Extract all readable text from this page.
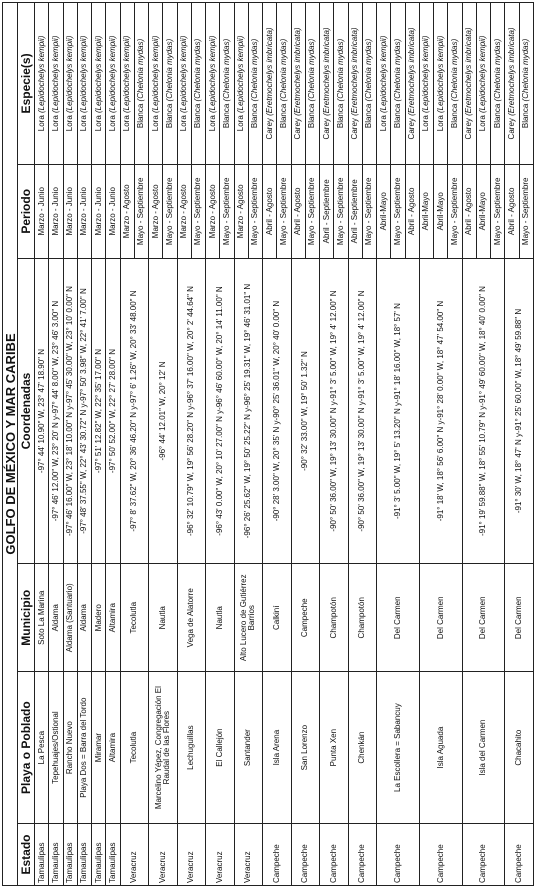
GOLFO DE MÉXICO Y MAR CARIBE					
Estado	Playa o Poblado	Municipio	Coordenadas	Periodo	Especie(s)
Tamaulipas	La Pesca	Soto La Marina	-97° 44' 10.90" W, 23° 47' 18.90" N	Marzo - Junio	Lora (Lepidochelys kempii)
Tamaulipas	Tepehuajes/Ostional	Aldama	-97° 46' 12.00" W, 23° 20' N y-97° 44' 8.00" W, 23° 46' 3.00" N	Marzo - Junio	Lora (Lepidochelys kempii)
Tamaulipas	Rancho Nuevo	Aldama (Santuario)	-97° 46' 16.00" W, 23° 18' 10.00" N y-97° 45' 30.00" W, 23° 10' 0.00" N	Marzo - Junio	Lora (Lepidochelys kempii)
Tamaulipas	Playa Dos = Barra del Tordo	Aldama	-97° 48' 37.55" W, 22° 43' 30.72" N y-97° 50' 3.98" W, 22° 41' 7.00" N	Marzo - Junio	Lora (Lepidochelys kempii)
Tamaulipas	Miramar	Madero	-97° 51' 12.82" W, 22° 35' 17.00" N	Marzo - Junio	Lora (Lepidochelys kempii)
Tamaulipas	Altamira	Altamira	-97° 50' 52.00" W, 22° 27' 28.00" N	Marzo - Junio	Lora (Lepidochelys kempii)
Veracruz	Tecolutla	Tecolutla	-97° 8' 37.62" W, 20° 36' 46.20" N y-97° 6' 1.26" W, 20° 33' 48.00" N	Marzo - Agosto	Lora (Lepidochelys kempii)
				Mayo - Septiembre	Blanca (Chelonia mydas)
Veracruz	Marcelino Yépez, Congregación El Raudal de las Flores	Nautla	-96° 44' 12.01" W, 20° 12' N	Marzo - Agosto	Lora (Lepidochelys kempii)
				Mayo - Septiembre	Blanca (Chelonia mydas)
Veracruz	Lechuguillas	Vega de Alatorre	-96° 32' 10.79" W, 19° 56' 28.20" N y-96° 37' 16.00" W, 20° 2' 44.64" N	Marzo - Agosto	Lora (Lepidochelys kempii)
				Mayo - Septiembre	Blanca (Chelonia mydas)
Veracruz	El Callejón	Nautla	-96° 43' 0.00" W, 20° 10' 27.00" N y-96° 46' 60.00" W, 20° 14' 11.00" N	Marzo - Agosto	Lora (Lepidochelys kempii)
				Mayo - Septiembre	Blanca (Chelonia mydas)
Veracruz	Santander	Alto Lucero de Gutiérrez Barrios	-96° 26' 25.62" W, 19° 50' 25.22" N y-96° 25' 19.31" W, 19° 46' 31.01" N	Marzo - Agosto	Lora (Lepidochelys kempii)
				Mayo - Septiembre	Blanca (Chelonia mydas)
Campeche	Isla Arena	Calkiní	-90° 28' 3.00" W, 20° 35' N y-90° 25' 36.01" W, 20° 40' 0.00" N	Abril - Agosto	Carey (Eretmochelys imbricata)
				Mayo - Septiembre	Blanca (Chelonia mydas)
Campeche	San Lorenzo	Campeche	-90° 32' 33.00" W, 19° 50' 1.32" N	Abril - Agosto	Carey (Eretmochelys imbricata)
				Mayo - Septiembre	Blanca (Chelonia mydas)
Campeche	Punta Xen	Champotón	-90° 50' 36.00" W, 19° 13' 30.00" N y-91° 3' 5.00" W, 19° 4' 12.00" N	Abril - Septiembre	Carey (Eretmochelys imbricata)
				Mayo - Septiembre	Blanca (Chelonia mydas)
Campeche	Chenkán	Champotón	-90° 50' 36.00" W, 19° 13' 30.00" N y-91° 3' 5.00" W, 19° 4' 12.00" N	Abril - Septiembre	Carey (Eretmochelys imbricata)
				Mayo - Septiembre	Blanca (Chelonia mydas)
Campeche	La Escollera = Sabancuy	Del Carmen	-91° 3' 5.00" W, 19° 5' 13.20" N y-91° 18' 16.00" W, 18° 57' N	Abril-Mayo	Lora (Lepidochelys kempii)
				Mayo - Septiembre	Blanca (Chelonia mydas)
				Abril - Agosto	Carey (Eretmochelys imbricata)
Campeche	Isla Aguada	Del Carmen	-91° 18' W, 18° 56' 6.00" N y-91° 28' 0.00" W, 18° 47' 54.00" N	Abril-Mayo	Lora (Lepidochelys kempii)
				Abril-Mayo	Lora (Lepidochelys kempii)
				Mayo - Septiembre	Blanca (Chelonia mydas)
Campeche	Isla del Carmen	Del Carmen	-91° 19' 59.88" W, 18° 55' 10.79" N y-91° 49' 60.00" W, 18° 40' 0.00" N	Abril - Agosto	Carey (Eretmochelys imbricata)
				Abril-Mayo	Lora (Lepidochelys kempii)
				Mayo - Septiembre	Blanca (Chelonia mydas)
Campeche	Chacahito	Del Carmen	-91° 30' W, 18° 47' N y-91° 25' 60.00" W, 18° 49' 59.88" N	Abril - Agosto	Carey (Eretmochelys imbricata)
				Mayo - Septiembre	Blanca (Chelonia mydas)
